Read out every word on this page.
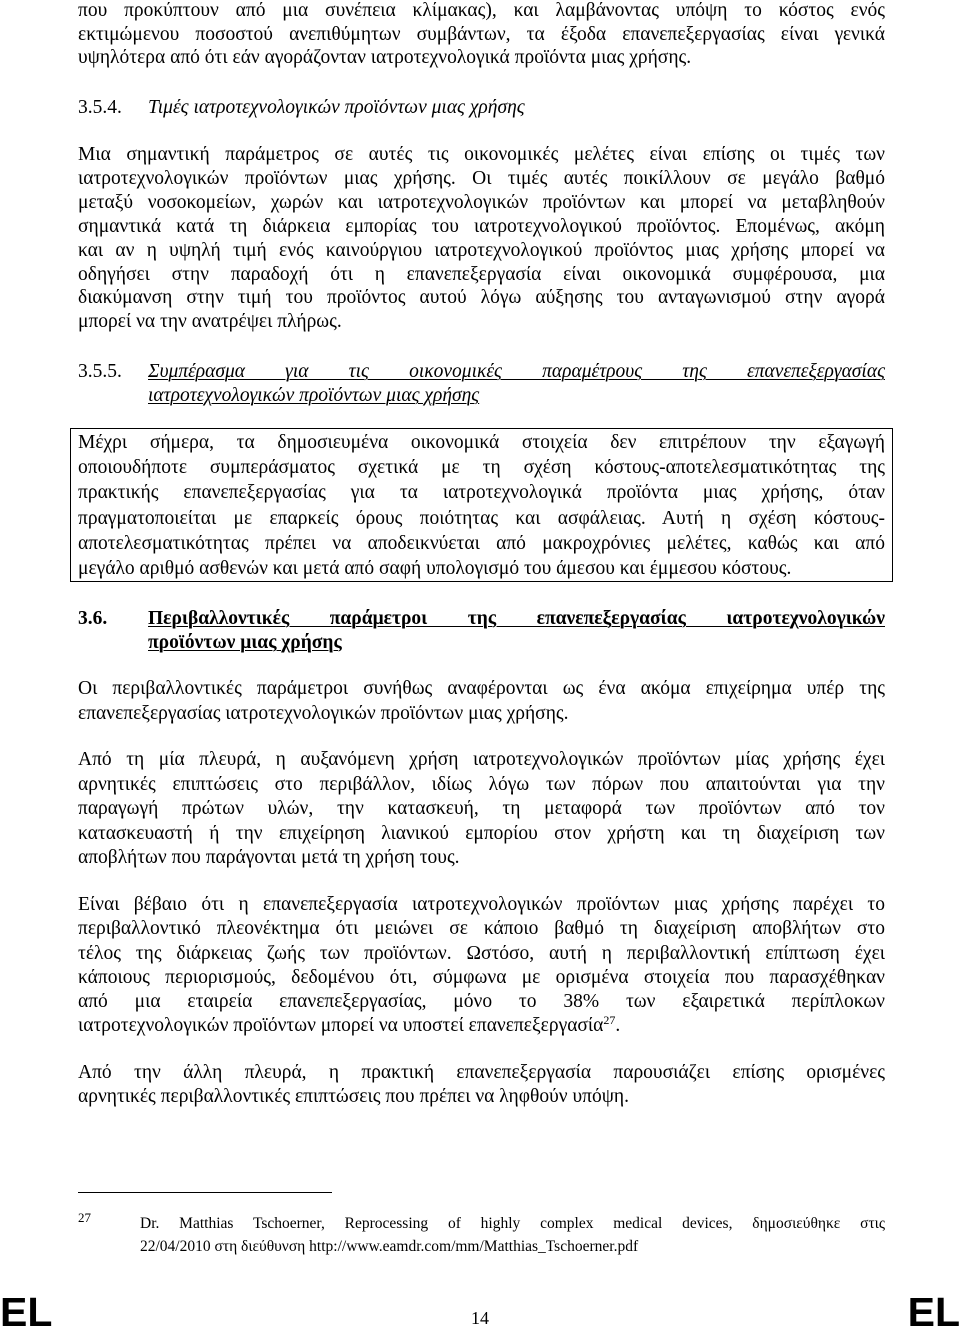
που προκύπτουν από μια συνέπεια κλίμακας), και λαμβάνοντας υπόψη το κόστος ενός
εκτιμώμενου ποσοστού ανεπιθύμητων συμβάντων, τα έξοδα επανεπεξεργασίας είναι γενικά
υψηλότερα από ότι εάν αγοράζονταν ιατροτεχνολογικά προϊόντα μιας χρήσης.
3.5.4. Τιμές ιατροτεχνολογικών προϊόντων μιας χρήσης
Μια σημαντική παράμετρος σε αυτές τις οικονομικές μελέτες είναι επίσης οι τιμές των
ιατροτεχνολογικών προϊόντων μιας χρήσης. Οι τιμές αυτές ποικίλλουν σε μεγάλο βαθμό
μεταξύ νοσοκομείων, χωρών και ιατροτεχνολογικών προϊόντων και μπορεί να μεταβληθούν
σημαντικά κατά τη διάρκεια εμπορίας του ιατροτεχνολογικού προϊόντος. Επομένως, ακόμη
και αν η υψηλή τιμή ενός καινούργιου ιατροτεχνολογικού προϊόντος μιας χρήσης μπορεί να
οδηγήσει στην παραδοχή ότι η επανεπεξεργασία είναι οικονομικά συμφέρουσα, μια
διακύμανση στην τιμή του προϊόντος αυτού λόγω αύξησης του ανταγωνισμού στην αγορά
μπορεί να την ανατρέψει πλήρως.
3.5.5. Συμπέρασμα για τις οικονομικές παραμέτρους της επανεπεξεργασίας
ιατροτεχνολογικών προϊόντων μιας χρήσης
Μέχρι σήμερα, τα δημοσιευμένα οικονομικά στοιχεία δεν επιτρέπουν την εξαγωγή
οποιουδήποτε συμπεράσματος σχετικά με τη σχέση κόστους-αποτελεσματικότητας της
πρακτικής επανεπεξεργασίας για τα ιατροτεχνολογικά προϊόντα μιας χρήσης, όταν
πραγματοποιείται με επαρκείς όρους ποιότητας και ασφάλειας. Αυτή η σχέση κόστους-
αποτελεσματικότητας πρέπει να αποδεικνύεται από μακροχρόνιες μελέτες, καθώς και από
μεγάλο αριθμό ασθενών και μετά από σαφή υπολογισμό του άμεσου και έμμεσου κόστους.
3.6. Περιβαλλοντικές παράμετροι της επανεπεξεργασίας ιατροτεχνολογικών
προϊόντων μιας χρήσης
Οι περιβαλλοντικές παράμετροι συνήθως αναφέρονται ως ένα ακόμα επιχείρημα υπέρ της
επανεπεξεργασίας ιατροτεχνολογικών προϊόντων μιας χρήσης.
Από τη μία πλευρά, η αυξανόμενη χρήση ιατροτεχνολογικών προϊόντων μίας χρήσης έχει
αρνητικές επιπτώσεις στο περιβάλλον, ιδίως λόγω των πόρων που απαιτούνται για την
παραγωγή πρώτων υλών, την κατασκευή, τη μεταφορά των προϊόντων από τον
κατασκευαστή ή την επιχείρηση λιανικού εμπορίου στον χρήστη και τη διαχείριση των
αποβλήτων που παράγονται μετά τη χρήση τους.
Είναι βέβαιο ότι η επανεπεξεργασία ιατροτεχνολογικών προϊόντων μιας χρήσης παρέχει το
περιβαλλοντικό πλεονέκτημα ότι μειώνει σε κάποιο βαθμό τη διαχείριση αποβλήτων στο
τέλος της διάρκειας ζωής των προϊόντων. Ωστόσο, αυτή η περιβαλλοντική επίπτωση έχει
κάποιους περιορισμούς, δεδομένου ότι, σύμφωνα με ορισμένα στοιχεία που παρασχέθηκαν
από μια εταιρεία επανεπεξεργασίας, μόνο το 38% των εξαιρετικά περίπλοκων
ιατροτεχνολογικών προϊόντων μπορεί να υποστεί επανεπεξεργασία$^{27}$.
Από την άλλη πλευρά, η πρακτική επανεπεξεργασία παρουσιάζει επίσης ορισμένες
αρνητικές περιβαλλοντικές επιπτώσεις που πρέπει να ληφθούν υπόψη.
27	Dr. Matthias Tschoerner, Reprocessing of highly complex medical devices, δημοσιεύθηκε στις
22/04/2010 στη διεύθυνση http://www.eamdr.com/mm/Matthias_Tschoerner.pdf
EL	14	EL
